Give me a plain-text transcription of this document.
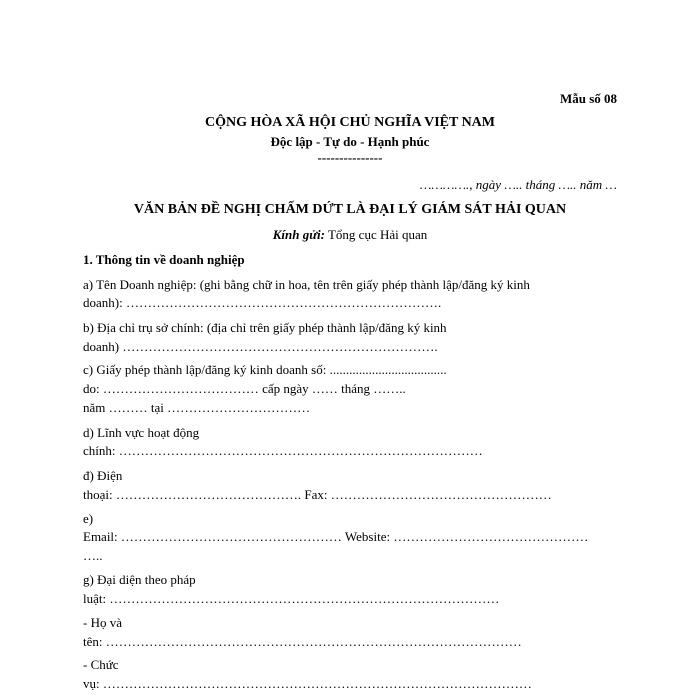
Mẫu số 08
CỘNG HÒA XÃ HỘI CHỦ NGHĨA VIỆT NAM
Độc lập - Tự do - Hạnh phúc
---------------
…………., ngày ….. tháng ….. năm …
VĂN BẢN ĐỀ NGHỊ CHẤM DỨT LÀ ĐẠI LÝ GIÁM SÁT HẢI QUAN
Kính gửi: Tổng cục Hải quan
1. Thông tin về doanh nghiệp
a) Tên Doanh nghiệp: (ghi bằng chữ in hoa, tên trên giấy phép thành lập/đăng ký kinh
doanh): ……………………………………………………………….
b) Địa chỉ trụ sở chính: (địa chỉ trên giấy phép thành lập/đăng ký kinh
doanh) ……………………………………………………………….
c) Giấy phép thành lập/đăng ký kinh doanh số: ....................................
do: ……………………………… cấp ngày …… tháng ……..
năm ……… tại ……………………………
d) Lĩnh vực hoạt động
chính: …………………………………………………………………………
đ) Điện
thoại: ……………………………………. Fax: ……………………………………………
e)
Email: …………………………………………… Website: ………………………………………
…..
g) Đại diện theo pháp
luật: ………………………………………………………………………………
- Họ và
tên: ……………………………………………………………………………………
- Chức
vụ: ………………………………………………………………………………………
